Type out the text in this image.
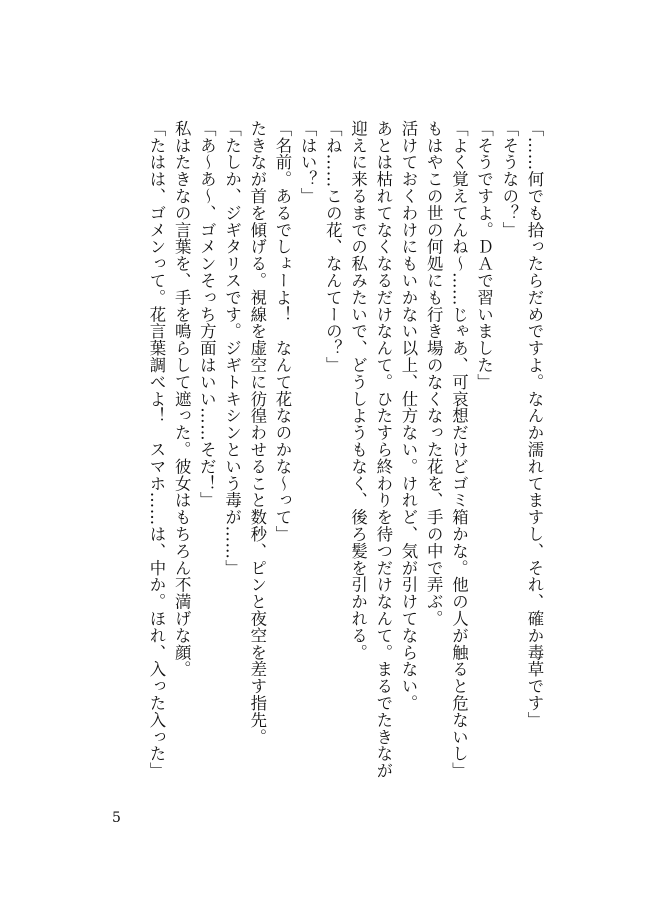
「……何でも拾ったらだめですよ。なんか濡れてますし、それ、確か毒草です」
「そうなの？」
「そうですよ。ＤＡで習いました」
「よく覚えてんね～……じゃあ、可哀想だけどゴミ箱かな。他の人が触ると危ないし」
もはやこの世の何処にも行き場のなくなった花を、手の中で弄ぶ。
活けておくわけにもいかない以上、仕方ない。けれど、気が引けてならない。
あとは枯れてなくなるだけなんて。ひたすら終わりを待つだけなんて。まるでたきなが
迎えに来るまでの私みたいで、どうしようもなく、後ろ髪を引かれる。
「ね……この花、なんてーの？」
「はい？」
「名前。あるでしょーよ！　なんて花なのかな～って」
たきなが首を傾げる。視線を虚空に彷徨わせること数秒、ピンと夜空を差す指先。
「たしか、ジギタリスです。ジギトキシンという毒が……」
「あ～あ～、ゴメンそっち方面はいい……そだ！」
私はたきなの言葉を、手を鳴らして遮った。彼女はもちろん不満げな顔。
「たはは、ゴメンって。花言葉調べよ！　スマホ……は、中か。ほれ、入った入った」
5
